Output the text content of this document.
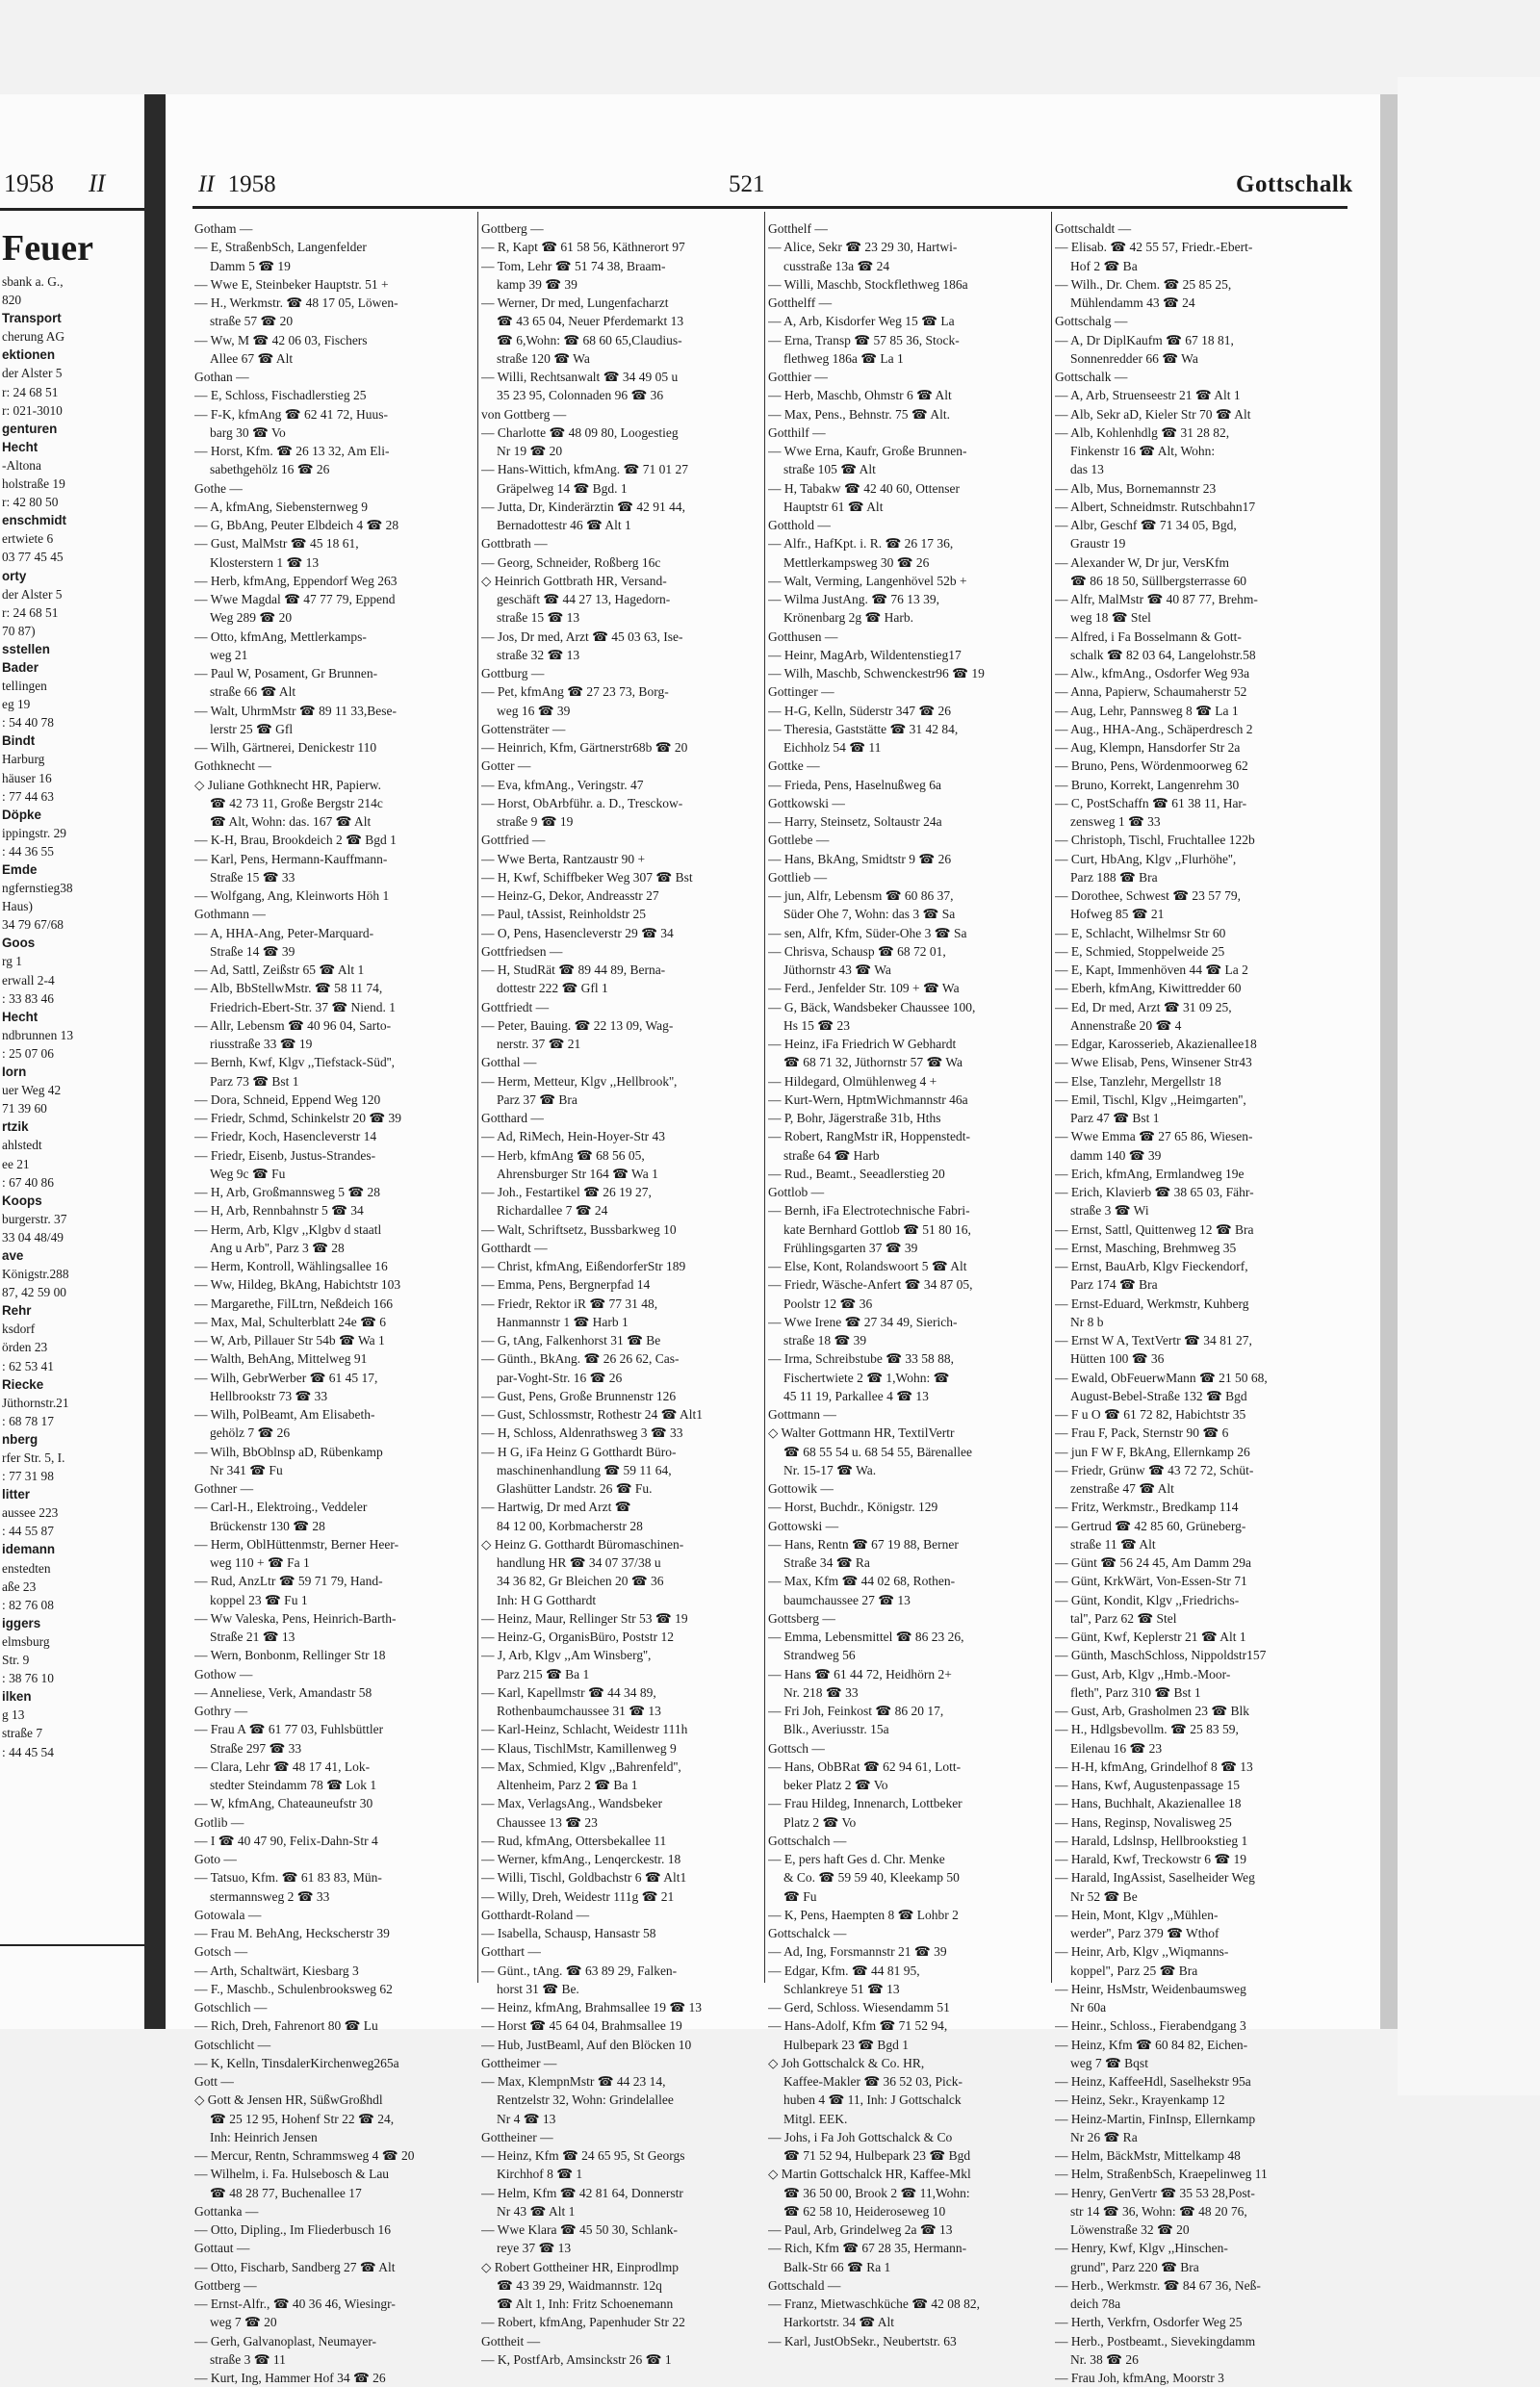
1958 II
Feuer
sbank a. G.,
820
Transport
cherung AG
ektionen
der Alster 5
r: 24 68 51
r: 021-3010
genturen
Hecht
-Altona
holstraße 19
r: 42 80 50
enschmidt
ertwiete 6
03 77 45 45
orty
der Alster 5
r: 24 68 51
70 87)
sstellen
Bader
tellingen
eg 19
: 54 40 78
Bindt
Harburg
häuser 16
: 77 44 63
Döpke
ippingstr. 29
: 44 36 55
Emde
ngfernstieg38
Haus)
34 79 67/68
Goos
rg 1
erwall 2-4
: 33 83 46
Hecht
ndbrunnen 13
: 25 07 06
Iorn
uer Weg 42
71 39 60
rtzik
ahlstedt
ee 21
: 67 40 86
Koops
burgerstr. 37
33 04 48/49
ave
Königstr.288
87, 42 59 00
Rehr
ksdorf
örden 23
: 62 53 41
Riecke
Jüthornstr.21
: 68 78 17
nberg
rfer Str. 5, I.
: 77 31 98
litter
aussee 223
: 44 55 87
idemann
enstedten
aße 23
: 82 76 08
iggers
elmsburg
Str. 9
: 38 76 10
ilken
g 13
straße 7
: 44 45 54
II 1958	521	Gottschalk
Gotham —
— E, StraßenbSch, Langenfelder
Damm 5 ☎ 19
— Wwe E, Steinbeker Hauptstr. 51 +
— H., Werkmstr. ☎ 48 17 05, Löwen-
straße 57 ☎ 20
— Ww, M ☎ 42 06 03, Fischers
Allee 67 ☎ Alt
Gothan —
— E, Schloss, Fischadlerstieg 25
— F-K, kfmAng ☎ 62 41 72, Huus-
barg 30 ☎ Vo
— Horst, Kfm. ☎ 26 13 32, Am Eli-
sabethgehölz 16 ☎ 26
Gothe —
— A, kfmAng, Siebensternweg 9
— G, BbAng, Peuter Elbdeich 4 ☎ 28
— Gust, MalMstr ☎ 45 18 61,
Klosterstern 1 ☎ 13
— Herb, kfmAng, Eppendorf Weg 263
— Wwe Magdal ☎ 47 77 79, Eppend
Weg 289 ☎ 20
— Otto, kfmAng, Mettlerkamps-
weg 21
— Paul W, Posament, Gr Brunnen-
straße 66 ☎ Alt
— Walt, UhrmMstr ☎ 89 11 33,Bese-
lerstr 25 ☎ Gfl
— Wilh, Gärtnerei, Denickestr 110
Gothknecht —
◇ Juliane Gothknecht HR, Papierw.
☎ 42 73 11, Große Bergstr 214c
☎ Alt, Wohn: das. 167 ☎ Alt
— K-H, Brau, Brookdeich 2 ☎ Bgd 1
— Karl, Pens, Hermann-Kauffmann-
Straße 15 ☎ 33
— Wolfgang, Ang, Kleinworts Höh 1
Gothmann —
— A, HHA-Ang, Peter-Marquard-
Straße 14 ☎ 39
— Ad, Sattl, Zeißstr 65 ☎ Alt 1
— Alb, BbStellwMstr. ☎ 58 11 74,
Friedrich-Ebert-Str. 37 ☎ Niend. 1
— Allr, Lebensm ☎ 40 96 04, Sarto-
riusstraße 33 ☎ 19
— Bernh, Kwf, Klgv ,,Tiefstack-Süd'',
Parz 73 ☎ Bst 1
— Dora, Schneid, Eppend Weg 120
— Friedr, Schmd, Schinkelstr 20 ☎ 39
— Friedr, Koch, Hasencleverstr 14
— Friedr, Eisenb, Justus-Strandes-
Weg 9c ☎ Fu
— H, Arb, Großmannsweg 5 ☎ 28
— H, Arb, Rennbahnstr 5 ☎ 34
— Herm, Arb, Klgv ,,Klgbv d staatl
Ang u Arb'', Parz 3 ☎ 28
— Herm, Kontroll, Wählingsallee 16
— Ww, Hildeg, BkAng, Habichtstr 103
— Margarethe, FilLtrn, Neßdeich 166
— Max, Mal, Schulterblatt 24e ☎ 6
— W, Arb, Pillauer Str 54b ☎ Wa 1
— Walth, BehAng, Mittelweg 91
— Wilh, GebrWerber ☎ 61 45 17,
Hellbrookstr 73 ☎ 33
— Wilh, PolBeamt, Am Elisabeth-
gehölz 7 ☎ 26
— Wilh, BbOblnsp aD, Rübenkamp
Nr 341 ☎ Fu
Gothner —
— Carl-H., Elektroing., Veddeler
Brückenstr 130 ☎ 28
— Herm, OblHüttenmstr, Berner Heer-
weg 110 + ☎ Fa 1
— Rud, AnzLtr ☎ 59 71 79, Hand-
koppel 23 ☎ Fu 1
— Ww Valeska, Pens, Heinrich-Barth-
Straße 21 ☎ 13
— Wern, Bonbonm, Rellinger Str 18
Gothow —
— Anneliese, Verk, Amandastr 58
Gothry —
— Frau A ☎ 61 77 03, Fuhlsbüttler
Straße 297 ☎ 33
— Clara, Lehr ☎ 48 17 41, Lok-
stedter Steindamm 78 ☎ Lok 1
— W, kfmAng, Chateauneufstr 30
Gotlib —
— I ☎ 40 47 90, Felix-Dahn-Str 4
Goto —
— Tatsuo, Kfm. ☎ 61 83 83, Mün-
stermannsweg 2 ☎ 33
Gotowala —
— Frau M. BehAng, Heckscherstr 39
Gotsch —
— Arth, Schaltwärt, Kiesbarg 3
— F., Maschb., Schulenbrooksweg 62
Gotschlich —
— Rich, Dreh, Fahrenort 80 ☎ Lu
Gotschlicht —
— K, Kelln, TinsdalerKirchenweg265a
Gott —
◇ Gott & Jensen HR, SüßwGroßhdl
☎ 25 12 95, Hohenf Str 22 ☎ 24,
Inh: Heinrich Jensen
— Mercur, Rentn, Schrammsweg 4 ☎ 20
— Wilhelm, i. Fa. Hulsebosch & Lau
☎ 48 28 77, Buchenallee 17
Gottanka —
— Otto, Dipling., Im Fliederbusch 16
Gottaut —
— Otto, Fischarb, Sandberg 27 ☎ Alt
Gottberg —
— Ernst-Alfr., ☎ 40 36 46, Wiesingr-
weg 7 ☎ 20
— Gerh, Galvanoplast, Neumayer-
straße 3 ☎ 11
— Kurt, Ing, Hammer Hof 34 ☎ 26
Gottberg —
— R, Kapt ☎ 61 58 56, Käthnerort 97
— Tom, Lehr ☎ 51 74 38, Braam-
kamp 39 ☎ 39
— Werner, Dr med, Lungenfacharzt
☎ 43 65 04, Neuer Pferdemarkt 13
☎ 6,Wohn: ☎ 68 60 65,Claudius-
straße 120 ☎ Wa
— Willi, Rechtsanwalt ☎ 34 49 05 u
35 23 95, Colonnaden 96 ☎ 36
von Gottberg —
— Charlotte ☎ 48 09 80, Loogestieg
Nr 19 ☎ 20
— Hans-Wittich, kfmAng. ☎ 71 01 27
Gräpelweg 14 ☎ Bgd. 1
— Jutta, Dr, Kinderärztin ☎ 42 91 44,
Bernadottestr 46 ☎ Alt 1
Gottbrath —
— Georg, Schneider, Roßberg 16c
◇ Heinrich Gottbrath HR, Versand-
geschäft ☎ 44 27 13, Hagedorn-
straße 15 ☎ 13
— Jos, Dr med, Arzt ☎ 45 03 63, Ise-
straße 32 ☎ 13
Gottburg —
— Pet, kfmAng ☎ 27 23 73, Borg-
weg 16 ☎ 39
Gottensträter —
— Heinrich, Kfm, Gärtnerstr68b ☎ 20
Gotter —
— Eva, kfmAng., Veringstr. 47
— Horst, ObArbführ. a. D., Tresckow-
straße 9 ☎ 19
Gottfried —
— Wwe Berta, Rantzaustr 90 +
— H, Kwf, Schiffbeker Weg 307 ☎ Bst
— Heinz-G, Dekor, Andreasstr 27
— Paul, tAssist, Reinholdstr 25
— O, Pens, Hasencleverstr 29 ☎ 34
Gottfriedsen —
— H, StudRät ☎ 89 44 89, Berna-
dottestr 222 ☎ Gfl 1
Gottfriedt —
— Peter, Bauing. ☎ 22 13 09, Wag-
nerstr. 37 ☎ 21
Gotthal —
— Herm, Metteur, Klgv ,,Hellbrook'',
Parz 37 ☎ Bra
Gotthard —
— Ad, RiMech, Hein-Hoyer-Str 43
— Herb, kfmAng ☎ 68 56 05,
Ahrensburger Str 164 ☎ Wa 1
— Joh., Festartikel ☎ 26 19 27,
Richardallee 7 ☎ 24
— Walt, Schriftsetz, Bussbarkweg 10
Gotthardt —
— Christ, kfmAng, EißendorferStr 189
— Emma, Pens, Bergnerpfad 14
— Friedr, Rektor iR ☎ 77 31 48,
Hanmannstr 1 ☎ Harb 1
— G, tAng, Falkenhorst 31 ☎ Be
— Günth., BkAng. ☎ 26 26 62, Cas-
par-Voght-Str. 16 ☎ 26
— Gust, Pens, Große Brunnenstr 126
— Gust, Schlossmstr, Rothestr 24 ☎ Alt1
— H, Schloss, Aldenrathsweg 3 ☎ 33
— H G, iFa Heinz G Gotthardt Büro-
maschinenhandlung ☎ 59 11 64,
Glashütter Landstr. 26 ☎ Fu.
— Hartwig, Dr med Arzt ☎
84 12 00, Korbmacherstr 28
◇ Heinz G. Gotthardt Büromaschinen-
handlung HR ☎ 34 07 37/38 u
34 36 82, Gr Bleichen 20 ☎ 36
Inh: H G Gotthardt
— Heinz, Maur, Rellinger Str 53 ☎ 19
— Heinz-G, OrganisBüro, Poststr 12
— J, Arb, Klgv ,,Am Winsberg'',
Parz 215 ☎ Ba 1
— Karl, Kapellmstr ☎ 44 34 89,
Rothenbaumchaussee 31 ☎ 13
— Karl-Heinz, Schlacht, Weidestr 111h
— Klaus, TischlMstr, Kamillenweg 9
— Max, Schmied, Klgv ,,Bahrenfeld'',
Altenheim, Parz 2 ☎ Ba 1
— Max, VerlagsAng., Wandsbeker
Chaussee 13 ☎ 23
— Rud, kfmAng, Ottersbekallee 11
— Werner, kfmAng., Lenqerckestr. 18
— Willi, Tischl, Goldbachstr 6 ☎ Alt1
— Willy, Dreh, Weidestr 111g ☎ 21
Gotthardt-Roland —
— Isabella, Schausp, Hansastr 58
Gotthart —
— Günt., tAng. ☎ 63 89 29, Falken-
horst 31 ☎ Be.
— Heinz, kfmAng, Brahmsallee 19 ☎ 13
— Horst ☎ 45 64 04, Brahmsallee 19
— Hub, JustBeaml, Auf den Blöcken 10
Gottheimer —
— Max, KlempnMstr ☎ 44 23 14,
Rentzelstr 32, Wohn: Grindelallee
Nr 4 ☎ 13
Gottheiner —
— Heinz, Kfm ☎ 24 65 95, St Georgs
Kirchhof 8 ☎ 1
— Helm, Kfm ☎ 42 81 64, Donnerstr
Nr 43 ☎ Alt 1
— Wwe Klara ☎ 45 50 30, Schlank-
reye 37 ☎ 13
◇ Robert Gottheiner HR, Einprodlmp
☎ 43 39 29, Waidmannstr. 12q
☎ Alt 1, Inh: Fritz Schoenemann
— Robert, kfmAng, Papenhuder Str 22
Gottheit —
— K, PostfArb, Amsinckstr 26 ☎ 1
Gotthelf —
— Alice, Sekr ☎ 23 29 30, Hartwi-
cusstraße 13a ☎ 24
— Willi, Maschb, Stockflethweg 186a
Gotthelff —
— A, Arb, Kisdorfer Weg 15 ☎ La
— Erna, Transp ☎ 57 85 36, Stock-
flethweg 186a ☎ La 1
Gotthier —
— Herb, Maschb, Ohmstr 6 ☎ Alt
— Max, Pens., Behnstr. 75 ☎ Alt.
Gotthilf —
— Wwe Erna, Kaufr, Große Brunnen-
straße 105 ☎ Alt
— H, Tabakw ☎ 42 40 60, Ottenser
Hauptstr 61 ☎ Alt
Gotthold —
— Alfr., HafKpt. i. R. ☎ 26 17 36,
Mettlerkampsweg 30 ☎ 26
— Walt, Verming, Langenhövel 52b +
— Wilma JustAng. ☎ 76 13 39,
Krönenbarg 2g ☎ Harb.
Gotthusen —
— Heinr, MagArb, Wildentenstieg17
— Wilh, Maschb, Schwenckestr96 ☎ 19
Gottinger —
— H-G, Kelln, Süderstr 347 ☎ 26
— Theresia, Gaststätte ☎ 31 42 84,
Eichholz 54 ☎ 11
Gottke —
— Frieda, Pens, Haselnußweg 6a
Gottkowski —
— Harry, Steinsetz, Soltaustr 24a
Gottlebe —
— Hans, BkAng, Smidtstr 9 ☎ 26
Gottlieb —
— jun, Alfr, Lebensm ☎ 60 86 37,
Süder Ohe 7, Wohn: das 3 ☎ Sa
— sen, Alfr, Kfm, Süder-Ohe 3 ☎ Sa
— Chrisva, Schausp ☎ 68 72 01,
Jüthornstr 43 ☎ Wa
— Ferd., Jenfelder Str. 109 + ☎ Wa
— G, Bäck, Wandsbeker Chaussee 100,
Hs 15 ☎ 23
— Heinz, iFa Friedrich W Gebhardt
☎ 68 71 32, Jüthornstr 57 ☎ Wa
— Hildegard, Olmühlenweg 4 +
— Kurt-Wern, HptmWichmannstr 46a
— P, Bohr, Jägerstraße 31b, Hths
— Robert, RangMstr iR, Hoppenstedt-
straße 64 ☎ Harb
— Rud., Beamt., Seeadlerstieg 20
Gottlob —
— Bernh, iFa Electrotechnische Fabri-
kate Bernhard Gottlob ☎ 51 80 16,
Frühlingsgarten 37 ☎ 39
— Else, Kont, Rolandswoort 5 ☎ Alt
— Friedr, Wäsche-Anfert ☎ 34 87 05,
Poolstr 12 ☎ 36
— Wwe Irene ☎ 27 34 49, Sierich-
straße 18 ☎ 39
— Irma, Schreibstube ☎ 33 58 88,
Fischertwiete 2 ☎ 1,Wohn: ☎
45 11 19, Parkallee 4 ☎ 13
Gottmann —
◇ Walter Gottmann HR, TextilVertr
☎ 68 55 54 u. 68 54 55, Bärenallee
Nr. 15-17 ☎ Wa.
Gottowik —
— Horst, Buchdr., Königstr. 129
Gottowski —
— Hans, Rentn ☎ 67 19 88, Berner
Straße 34 ☎ Ra
— Max, Kfm ☎ 44 02 68, Rothen-
baumchaussee 27 ☎ 13
Gottsberg —
— Emma, Lebensmittel ☎ 86 23 26,
Strandweg 56
— Hans ☎ 61 44 72, Heidhörn 2+
Nr. 218 ☎ 33
— Fri Joh, Feinkost ☎ 86 20 17,
Blk., Averiusstr. 15a
Gottsch —
— Hans, ObBRat ☎ 62 94 61, Lott-
beker Platz 2 ☎ Vo
— Frau Hildeg, Innenarch, Lottbeker
Platz 2 ☎ Vo
Gottschalch —
— E, pers haft Ges d. Chr. Menke
& Co. ☎ 59 59 40, Kleekamp 50
☎ Fu
— K, Pens, Haempten 8 ☎ Lohbr 2
Gottschalck —
— Ad, Ing, Forsmannstr 21 ☎ 39
— Edgar, Kfm. ☎ 44 81 95,
Schlankreye 51 ☎ 13
— Gerd, Schloss. Wiesendamm 51
— Hans-Adolf, Kfm ☎ 71 52 94,
Hulbepark 23 ☎ Bgd 1
◇ Joh Gottschalck & Co. HR,
Kaffee-Makler ☎ 36 52 03, Pick-
huben 4 ☎ 11, Inh: J Gottschalck
Mitgl. EEK.
— Johs, i Fa Joh Gottschalck & Co
☎ 71 52 94, Hulbepark 23 ☎ Bgd
◇ Martin Gottschalck HR, Kaffee-Mkl
☎ 36 50 00, Brook 2 ☎ 11,Wohn:
☎ 62 58 10, Heideroseweg 10
— Paul, Arb, Grindelweg 2a ☎ 13
— Rich, Kfm ☎ 67 28 35, Hermann-
Balk-Str 66 ☎ Ra 1
Gottschald —
— Franz, Mietwaschküche ☎ 42 08 82,
Harkortstr. 34 ☎ Alt
— Karl, JustObSekr., Neubertstr. 63
Gottschaldt —
— Elisab. ☎ 42 55 57, Friedr.-Ebert-
Hof 2 ☎ Ba
— Wilh., Dr. Chem. ☎ 25 85 25,
Mühlendamm 43 ☎ 24
Gottschalg —
— A, Dr DiplKaufm ☎ 67 18 81,
Sonnenredder 66 ☎ Wa
Gottschalk —
— A, Arb, Struenseestr 21 ☎ Alt 1
— Alb, Sekr aD, Kieler Str 70 ☎ Alt
— Alb, Kohlenhdlg ☎ 31 28 82,
Finkenstr 16 ☎ Alt, Wohn:
das 13
— Alb, Mus, Bornemannstr 23
— Albert, Schneidmstr. Rutschbahn17
— Albr, Geschf ☎ 71 34 05, Bgd,
Graustr 19
— Alexander W, Dr jur, VersKfm
☎ 86 18 50, Süllbergsterrasse 60
— Alfr, MalMstr ☎ 40 87 77, Brehm-
weg 18 ☎ Stel
— Alfred, i Fa Bosselmann & Gott-
schalk ☎ 82 03 64, Langelohstr.58
— Alw., kfmAng., Osdorfer Weg 93a
— Anna, Papierw, Schaumaherstr 52
— Aug, Lehr, Pannsweg 8 ☎ La 1
— Aug., HHA-Ang., Schäperdresch 2
— Aug, Klempn, Hansdorfer Str 2a
— Bruno, Pens, Wördenmoorweg 62
— Bruno, Korrekt, Langenrehm 30
— C, PostSchaffn ☎ 61 38 11, Har-
zensweg 1 ☎ 33
— Christoph, Tischl, Fruchtallee 122b
— Curt, HbAng, Klgv ,,Flurhöhe'',
Parz 188 ☎ Bra
— Dorothee, Schwest ☎ 23 57 79,
Hofweg 85 ☎ 21
— E, Schlacht, Wilhelmsr Str 60
— E, Schmied, Stoppelweide 25
— E, Kapt, Immenhöven 44 ☎ La 2
— Eberh, kfmAng, Kiwittredder 60
— Ed, Dr med, Arzt ☎ 31 09 25,
Annenstraße 20 ☎ 4
— Edgar, Karosserieb, Akazienallee18
— Wwe Elisab, Pens, Winsener Str43
— Else, Tanzlehr, Mergellstr 18
— Emil, Tischl, Klgv ,,Heimgarten'',
Parz 47 ☎ Bst 1
— Wwe Emma ☎ 27 65 86, Wiesen-
damm 140 ☎ 39
— Erich, kfmAng, Ermlandweg 19e
— Erich, Klavierb ☎ 38 65 03, Fähr-
straße 3 ☎ Wi
— Ernst, Sattl, Quittenweg 12 ☎ Bra
— Ernst, Masching, Brehmweg 35
— Ernst, BauArb, Klgv Fieckendorf,
Parz 174 ☎ Bra
— Ernst-Eduard, Werkmstr, Kuhberg
Nr 8 b
— Ernst W A, TextVertr ☎ 34 81 27,
Hütten 100 ☎ 36
— Ewald, ObFeuerwMann ☎ 21 50 68,
August-Bebel-Straße 132 ☎ Bgd
— F u O ☎ 61 72 82, Habichtstr 35
— Frau F, Pack, Sternstr 90 ☎ 6
— jun F W F, BkAng, Ellernkamp 26
— Friedr, Grünw ☎ 43 72 72, Schüt-
zenstraße 47 ☎ Alt
— Fritz, Werkmstr., Bredkamp 114
— Gertrud ☎ 42 85 60, Grüneberg-
straße 11 ☎ Alt
— Günt ☎ 56 24 45, Am Damm 29a
— Günt, KrkWärt, Von-Essen-Str 71
— Günt, Kondit, Klgv ,,Friedrichs-
tal'', Parz 62 ☎ Stel
— Günt, Kwf, Keplerstr 21 ☎ Alt 1
— Günth, MaschSchloss, Nippoldstr157
— Gust, Arb, Klgv ,,Hmb.-Moor-
fleth'', Parz 310 ☎ Bst 1
— Gust, Arb, Grasholmen 23 ☎ Blk
— H., Hdlgsbevollm. ☎ 25 83 59,
Eilenau 16 ☎ 23
— H-H, kfmAng, Grindelhof 8 ☎ 13
— Hans, Kwf, Augustenpassage 15
— Hans, Buchhalt, Akazienallee 18
— Hans, Reginsp, Novalisweg 25
— Harald, Ldslnsp, Hellbrookstieg 1
— Harald, Kwf, Treckowstr 6 ☎ 19
— Harald, IngAssist, Saselheider Weg
Nr 52 ☎ Be
— Hein, Mont, Klgv ,,Mühlen-
werder'', Parz 379 ☎ Wthof
— Heinr, Arb, Klgv ,,Wiqmanns-
koppel'', Parz 25 ☎ Bra
— Heinr, HsMstr, Weidenbaumsweg
Nr 60a
— Heinr., Schloss., Fierabendgang 3
— Heinz, Kfm ☎ 60 84 82, Eichen-
weg 7 ☎ Bqst
— Heinz, KaffeeHdl, Saselhekstr 95a
— Heinz, Sekr., Krayenkamp 12
— Heinz-Martin, FinInsp, Ellernkamp
Nr 26 ☎ Ra
— Helm, BäckMstr, Mittelkamp 48
— Helm, StraßenbSch, Kraepelinweg 11
— Henry, GenVertr ☎ 35 53 28,Post-
str 14 ☎ 36, Wohn: ☎ 48 20 76,
Löwenstraße 32 ☎ 20
— Henry, Kwf, Klgv ,,Hinschen-
grund'', Parz 220 ☎ Bra
— Herb., Werkmstr. ☎ 84 67 36, Neß-
deich 78a
— Herth, Verkfrn, Osdorfer Weg 25
— Herb., Postbeamt., Sievekingdamm
Nr. 38 ☎ 26
— Frau Joh, kfmAng, Moorstr 3
